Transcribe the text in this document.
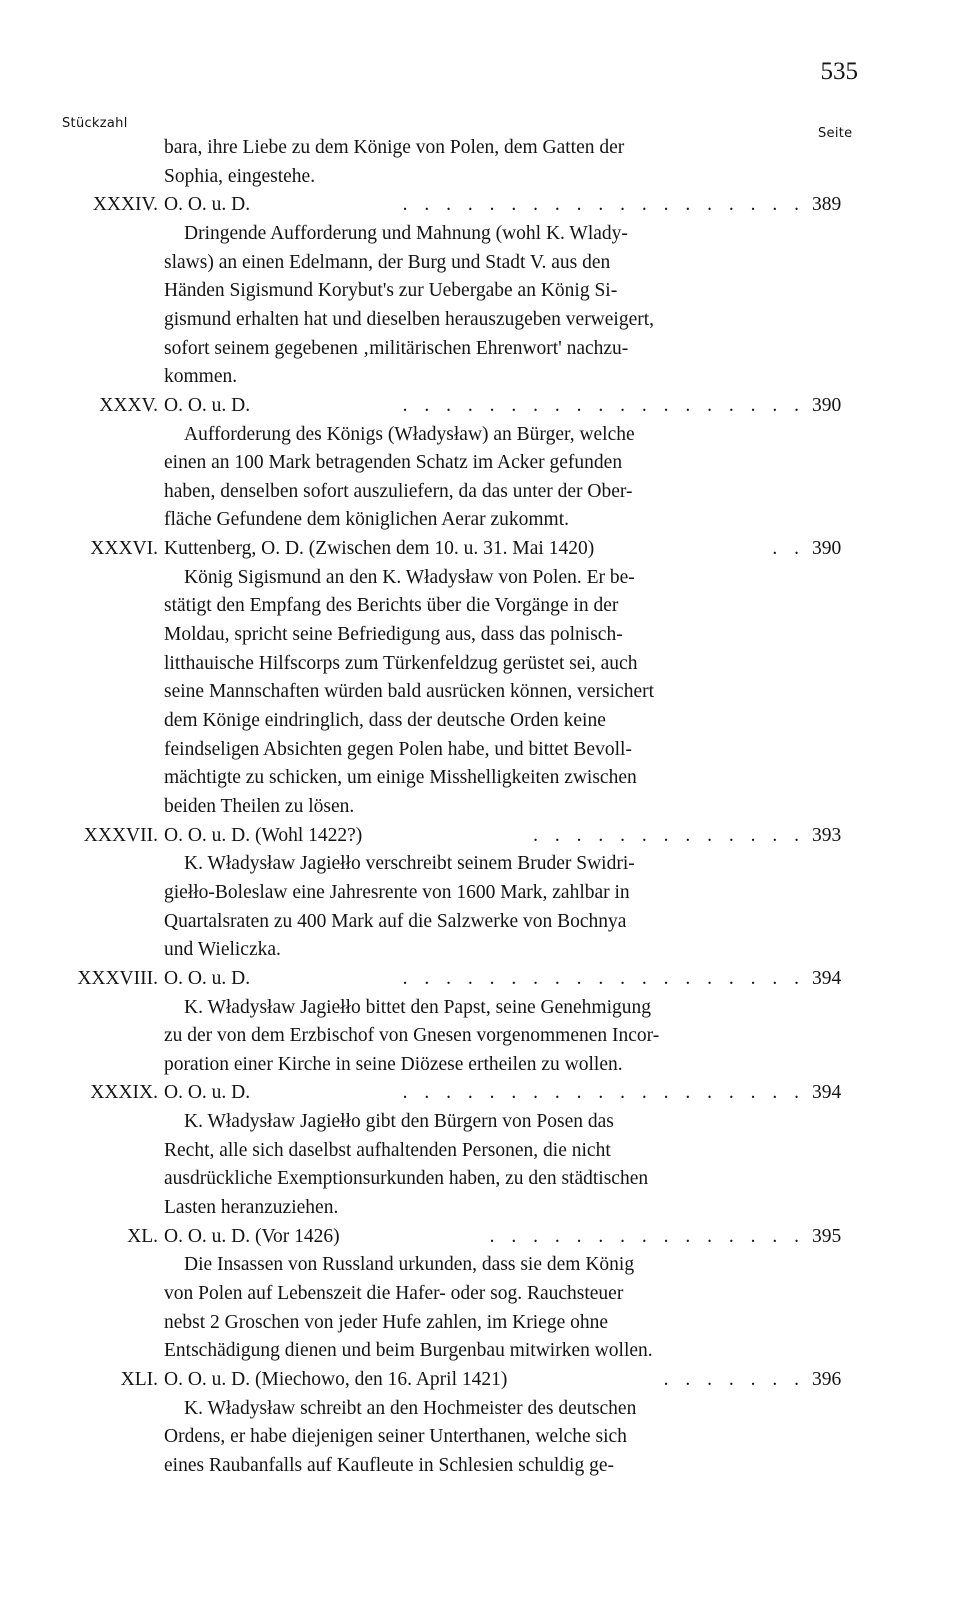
535
Stückzahl
Seite
bara, ihre Liebe zu dem Könige von Polen, dem Gatten der
Sophia, eingestehe.
XXXIV. O. O. u. D.	. . . . . . . . . . . . . . . . . . . 389
Dringende Aufforderung und Mahnung (wohl K. Wlady-
slaws) an einen Edelmann, der Burg und Stadt V. aus den
Händen Sigismund Korybut's zur Uebergabe an König Si-
gismund erhalten hat und dieselben herauszugeben verweigert,
sofort seinem gegebenen ‚militärischen Ehrenwort' nachzu-
kommen.
XXXV. O. O. u. D.	. . . . . . . . . . . . . . . . . . . 390
Aufforderung des Königs (Władysław) an Bürger, welche
einen an 100 Mark betragenden Schatz im Acker gefunden
haben, denselben sofort auszuliefern, da das unter der Ober-
fläche Gefundene dem königlichen Aerar zukommt.
XXXVI. Kuttenberg, O. D. (Zwischen dem 10. u. 31. Mai 1420)	. . 390
König Sigismund an den K. Władysław von Polen. Er be-
stätigt den Empfang des Berichts über die Vorgänge in der
Moldau, spricht seine Befriedigung aus, dass das polnisch-
litthauische Hilfscorps zum Türkenfeldzug gerüstet sei, auch
seine Mannschaften würden bald ausrücken können, versichert
dem Könige eindringlich, dass der deutsche Orden keine
feindseligen Absichten gegen Polen habe, und bittet Bevoll-
mächtigte zu schicken, um einige Misshelligkeiten zwischen
beiden Theilen zu lösen.
XXXVII. O. O. u. D. (Wohl 1422?)	. . . . . . . . . . . . . 393
K. Władysław Jagiełło verschreibt seinem Bruder Swidri-
giełło-Boleslaw eine Jahresrente von 1600 Mark, zahlbar in
Quartalsraten zu 400 Mark auf die Salzwerke von Bochnya
und Wieliczka.
XXXVIII. O. O. u. D.	. . . . . . . . . . . . . . . . . . . 394
K. Władysław Jagiełło bittet den Papst, seine Genehmigung
zu der von dem Erzbischof von Gnesen vorgenommenen Incor-
poration einer Kirche in seine Diözese ertheilen zu wollen.
XXXIX. O. O. u. D.	. . . . . . . . . . . . . . . . . . . 394
K. Władysław Jagiełło gibt den Bürgern von Posen das
Recht, alle sich daselbst aufhaltenden Personen, die nicht
ausdrückliche Exemptionsurkunden haben, zu den städtischen
Lasten heranzuziehen.
XL. O. O. u. D. (Vor 1426)	. . . . . . . . . . . . . . . 395
Die Insassen von Russland urkunden, dass sie dem König
von Polen auf Lebenszeit die Hafer- oder sog. Rauchsteuer
nebst 2 Groschen von jeder Hufe zahlen, im Kriege ohne
Entschädigung dienen und beim Burgenbau mitwirken wollen.
XLI. O. O. u. D. (Miechowo, den 16. April 1421)	. . . . . . . 396
K. Władysław schreibt an den Hochmeister des deutschen
Ordens, er habe diejenigen seiner Unterthanen, welche sich
eines Raubanfalls auf Kaufleute in Schlesien schuldig ge-
